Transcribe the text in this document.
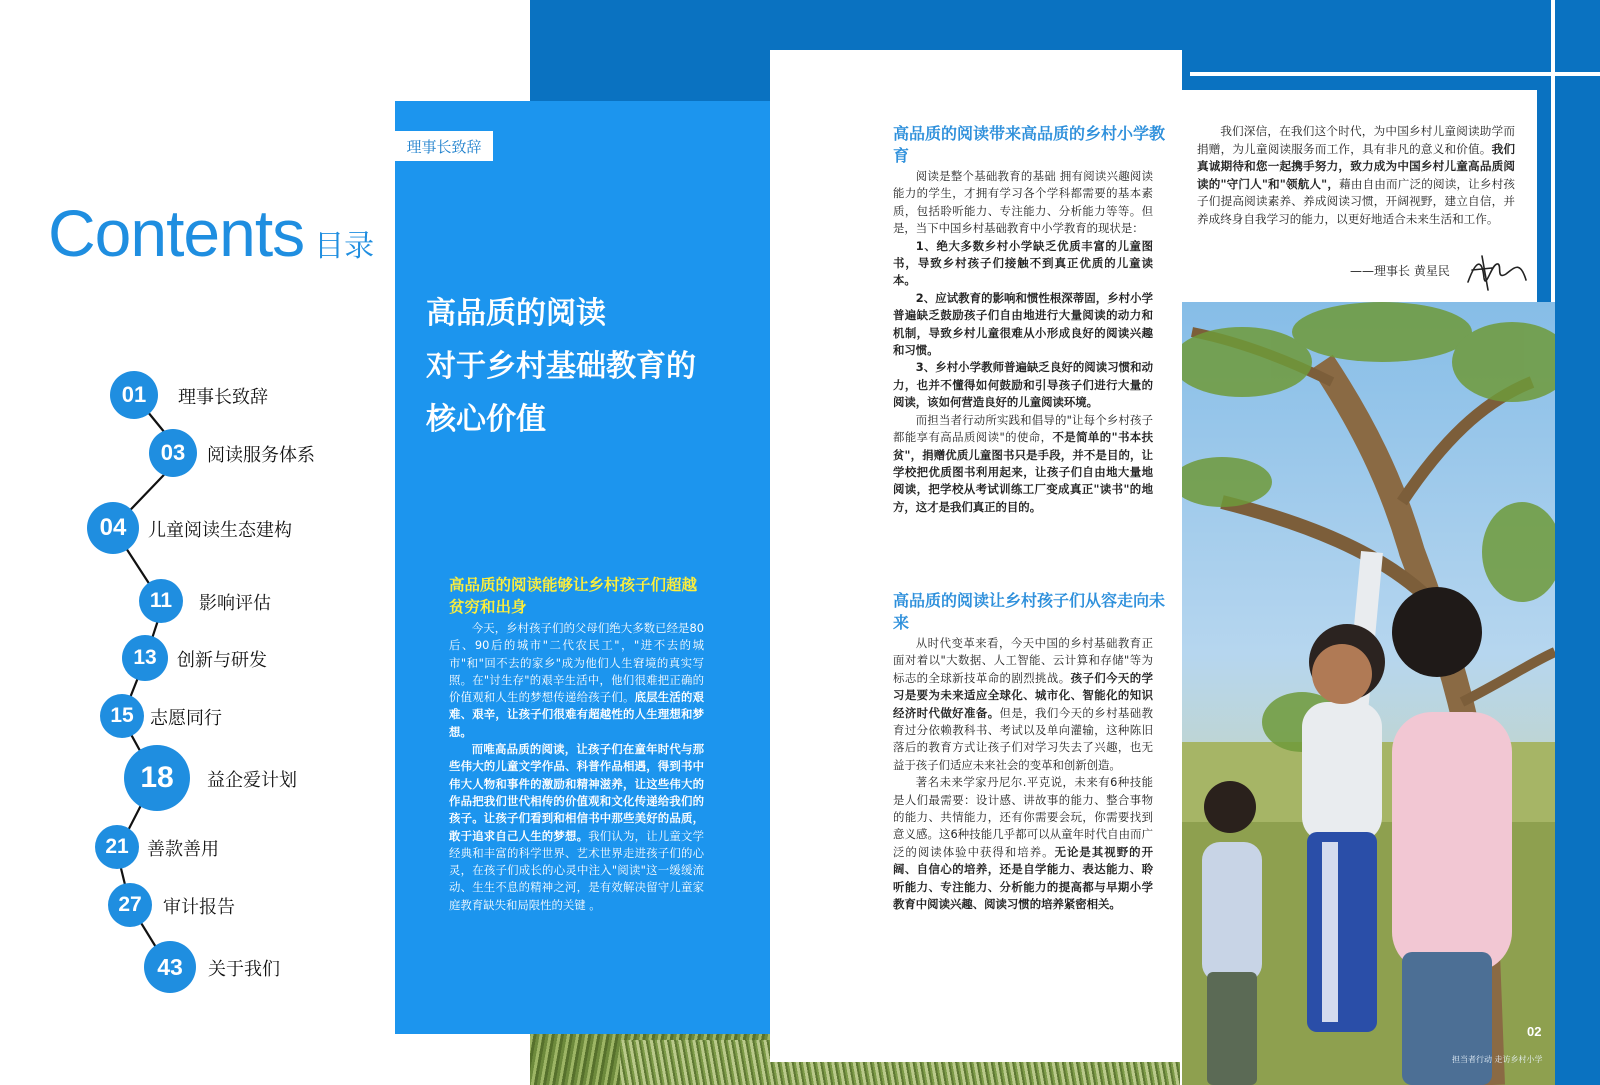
Contents 目录
01	理事长致辞
03	阅读服务体系
04	儿童阅读生态建构
11	影响评估
13	创新与研发
15 志愿同行
18	益企爱计划
21	善款善用
27	审计报告
43	关于我们
理事长致辞
高品质的阅读
对于乡村基础教育的
核心价值
高品质的阅读能够让乡村孩子们超越贫穷和出身

今天，乡村孩子们的父母们绝大多数已经是80后、90后的城市"二代农民工"，"进不去的城市"和"回不去的家乡"成为他们人生窘境的真实写照。在"讨生存"的艰辛生活中，他们很难把正确的价值观和人生的梦想传递给孩子们。底层生活的艰难、艰辛，让孩子们很难有超越性的人生理想和梦想。

而唯高品质的阅读，让孩子们在童年时代与那些伟大的儿童文学作品、科普作品相遇，得到书中伟大人物和事件的激励和精神滋养，让这些伟大的作品把我们世代相传的价值观和文化传递给我们的孩子。让孩子们看到和相信书中那些美好的品质，敢于追求自己人生的梦想。我们认为，让儿童文学经典和丰富的科学世界、艺术世界走进孩子们的心灵，在孩子们成长的心灵中注入"阅读"这一缓缓流动、生生不息的精神之河，是有效解决留守儿童家庭教育缺失和局限性的关键 。

高品质的阅读带来高品质的乡村小学教育

阅读是整个基础教育的基础 拥有阅读兴趣阅读能力的学生，才拥有学习各个学科都需要的基本素质，包括聆听能力、专注能力、分析能力等等。但是，当下中国乡村基础教育中小学教育的现状是：

1、绝大多数乡村小学缺乏优质丰富的儿童图书，导致乡村孩子们接触不到真正优质的儿童读本。

2、应试教育的影响和惯性根深蒂固，乡村小学普遍缺乏鼓励孩子们自由地进行大量阅读的动力和机制，导致乡村儿童很难从小形成良好的阅读兴趣和习惯。

3、乡村小学教师普遍缺乏良好的阅读习惯和动力，也并不懂得如何鼓励和引导孩子们进行大量的阅读，该如何营造良好的儿童阅读环境。

而担当者行动所实践和倡导的"让每个乡村孩子都能享有高品质阅读"的使命，不是简单的"书本扶贫"，捐赠优质儿童图书只是手段，并不是目的，让学校把优质图书利用起来，让孩子们自由地大量地阅读，把学校从考试训练工厂变成真正"读书"的地方，这才是我们真正的目的。

高品质的阅读让乡村孩子们从容走向未来

从时代变革来看，今天中国的乡村基础教育正面对着以"大数据、人工智能、云计算和存储"等为标志的全球新技革命的剧烈挑战。孩子们今天的学习是要为未来适应全球化、城市化、智能化的知识经济时代做好准备。但是，我们今天的乡村基础教育过分依赖教科书、考试以及单向灌输，这种陈旧落后的教育方式让孩子们对学习失去了兴趣，也无益于孩子们适应未来社会的变革和创新创造。

著名未来学家丹尼尔.平克说，未来有6种技能是人们最需要：设计感、讲故事的能力、整合事物的能力、共情能力，还有你需要会玩，你需要找到意义感。这6种技能几乎都可以从童年时代自由而广泛的阅读体验中获得和培养。无论是其视野的开阔、自信心的培养，还是自学能力、表达能力、聆听能力、专注能力、分析能力的提高都与早期小学教育中阅读兴趣、阅读习惯的培养紧密相关。

我们深信，在我们这个时代，为中国乡村儿童阅读助学而捐赠，为儿童阅读服务而工作，具有非凡的意义和价值。我们真诚期待和您一起携手努力，致力成为中国乡村儿童高品质阅读的"守门人"和"领航人"，藉由自由而广泛的阅读，让乡村孩子们提高阅读素养、养成阅读习惯，开阔视野，建立自信，并养成终身自我学习的能力，以更好地适合未来生活和工作。

——理事长 黄星民
02
担当者行动 走访乡村小学
